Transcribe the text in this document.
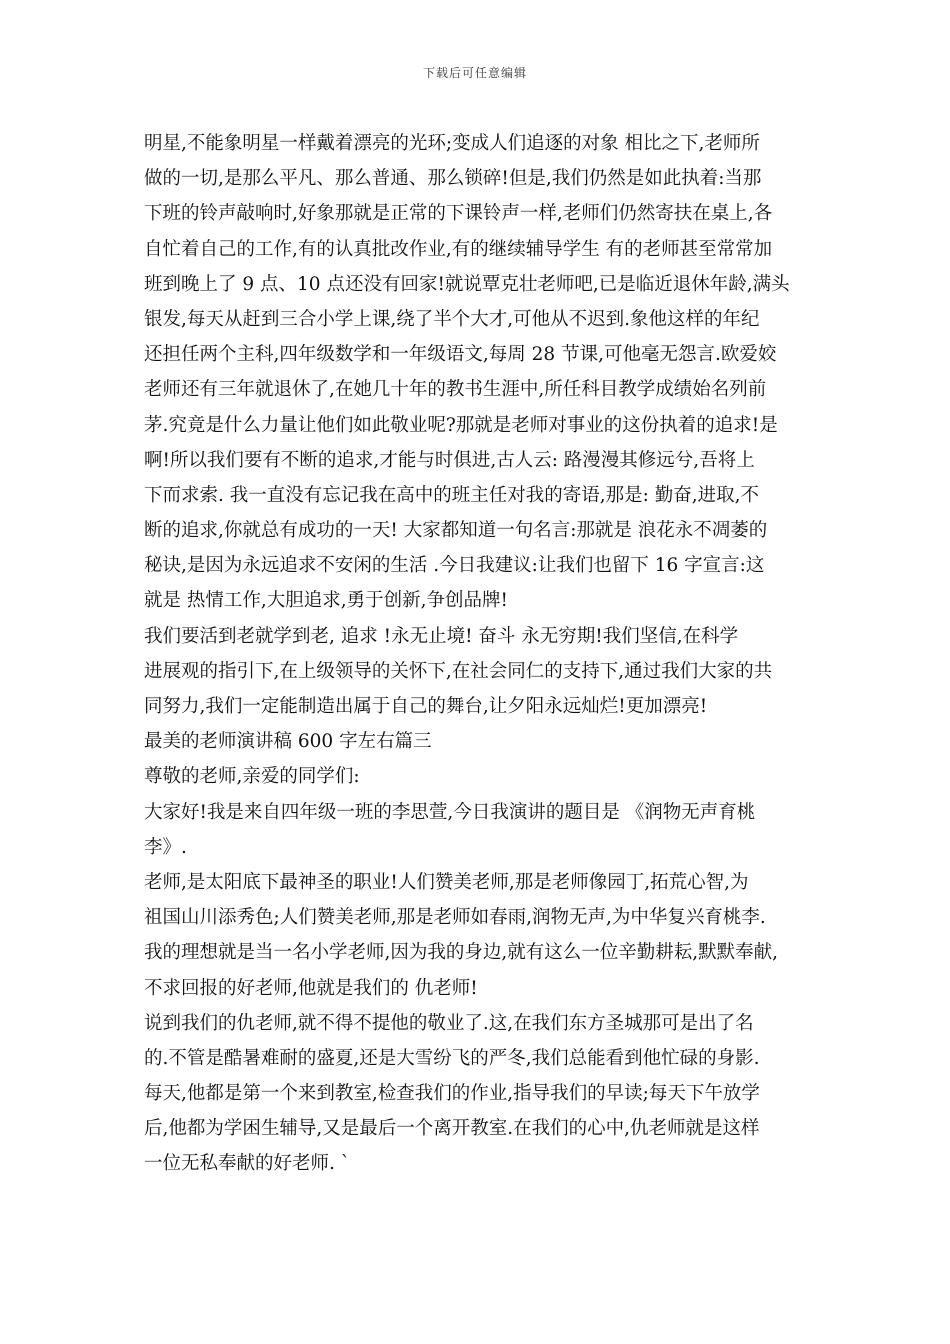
下载后可任意编辑
明星,不能象明星一样戴着漂亮的光环;变成人们追逐的对象 相比之下,老师所
做的一切,是那么平凡、那么普通、那么锁碎!但是,我们仍然是如此执着:当那
下班的铃声敲响时,好象那就是正常的下课铃声一样,老师们仍然寄扶在桌上,各
自忙着自己的工作,有的认真批改作业,有的继续辅导学生 有的老师甚至常常加
班到晚上了 9 点、10 点还没有回家!就说覃克壮老师吧,已是临近退休年龄,满头
银发,每天从赶到三合小学上课,绕了半个大才,可他从不迟到.象他这样的年纪
还担任两个主科,四年级数学和一年级语文,每周 28 节课,可他毫无怨言.欧爱姣
老师还有三年就退休了,在她几十年的教书生涯中,所任科目教学成绩始名列前
茅.究竟是什么力量让他们如此敬业呢?那就是老师对事业的这份执着的追求!是
啊!所以我们要有不断的追求,才能与时俱进,古人云: 路漫漫其修远兮,吾将上
下而求索. 我一直没有忘记我在高中的班主任对我的寄语,那是: 勤奋,进取,不
断的追求,你就总有成功的一天! 大家都知道一句名言:那就是 浪花永不凋萎的
秘诀,是因为永远追求不安闲的生活 .今日我建议:让我们也留下 16 字宣言:这
就是 热情工作,大胆追求,勇于创新,争创品牌!
我们要活到老就学到老, 追求 !永无止境! 奋斗 永无穷期!我们坚信,在科学
进展观的指引下,在上级领导的关怀下,在社会同仁的支持下,通过我们大家的共
同努力,我们一定能制造出属于自己的舞台,让夕阳永远灿烂!更加漂亮!
最美的老师演讲稿 600 字左右篇三
尊敬的老师,亲爱的同学们:
大家好!我是来自四年级一班的李思萱,今日我演讲的题目是 《润物无声育桃
李》.
老师,是太阳底下最神圣的职业!人们赞美老师,那是老师像园丁,拓荒心智,为
祖国山川添秀色;人们赞美老师,那是老师如春雨,润物无声,为中华复兴育桃李.
我的理想就是当一名小学老师,因为我的身边,就有这么一位辛勤耕耘,默默奉献,
不求回报的好老师,他就是我们的 仇老师!
说到我们的仇老师,就不得不提他的敬业了.这,在我们东方圣城那可是出了名
的.不管是酷暑难耐的盛夏,还是大雪纷飞的严冬,我们总能看到他忙碌的身影.
每天,他都是第一个来到教室,检查我们的作业,指导我们的早读;每天下午放学
后,他都为学困生辅导,又是最后一个离开教室.在我们的心中,仇老师就是这样
一位无私奉献的好老师. `
